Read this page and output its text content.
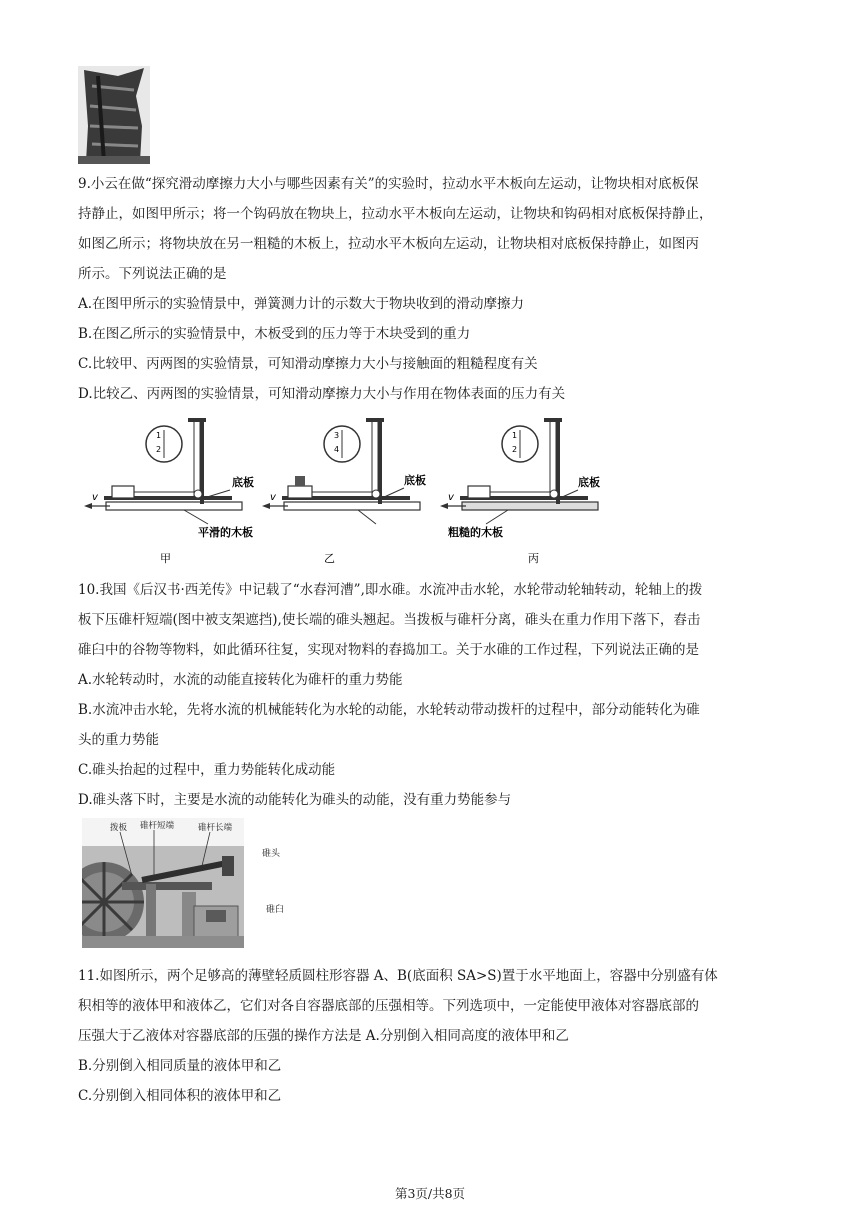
9.小云在做“探究滑动摩擦力大小与哪些因素有关”的实验时，拉动水平木板向左运动，让物块相对底板保
持静止，如图甲所示；将一个钩码放在物块上，拉动水平木板向左运动，让物块和钩码相对底板保持静止，
如图乙所示；将物块放在另一粗糙的木板上，拉动水平木板向左运动，让物块相对底板保持静止，如图丙
所示。下列说法正确的是
A.在图甲所示的实验情景中，弹簧测力计的示数大于物块收到的滑动摩擦力
B.在图乙所示的实验情景中，木板受到的压力等于木块受到的重力
C.比较甲、丙两图的实验情景，可知滑动摩擦力大小与接触面的粗糙程度有关
D.比较乙、丙两图的实验情景，可知滑动摩擦力大小与作用在物体表面的压力有关
1
2
v
底板
平滑的木板
甲
3
4
v
底板
乙
1
2
v
底板
粗糙的木板
丙
10.我国《后汉书·西羌传》中记载了“水舂河漕”,即水碓。水流冲击水轮，水轮带动轮轴转动，轮轴上的拨
板下压碓杆短端(图中被支架遮挡),使长端的碓头翘起。当拨板与碓杆分离，碓头在重力作用下落下，舂击
碓臼中的谷物等物料，如此循环往复，实现对物料的舂捣加工。关于水碓的工作过程，下列说法正确的是
A.水轮转动时，水流的动能直接转化为碓杆的重力势能
B.水流冲击水轮，先将水流的机械能转化为水轮的动能，水轮转动带动拨杆的过程中，部分动能转化为碓
头的重力势能
C.碓头抬起的过程中，重力势能转化成动能
D.碓头落下时，主要是水流的动能转化为碓头的动能，没有重力势能参与
拨板 碓杆短端	碓杆长端
碓头
碓臼
11.如图所示，两个足够高的薄壁轻质圆柱形容器 A、B(底面积 SA>S)置于水平地面上，容器中分别盛有体
积相等的液体甲和液体乙，它们对各自容器底部的压强相等。下列选项中，一定能使甲液体对容器底部的
压强大于乙液体对容器底部的压强的操作方法是 A.分别倒入相同高度的液体甲和乙
B.分别倒入相同质量的液体甲和乙
C.分别倒入相同体积的液体甲和乙
第3页/共8页
